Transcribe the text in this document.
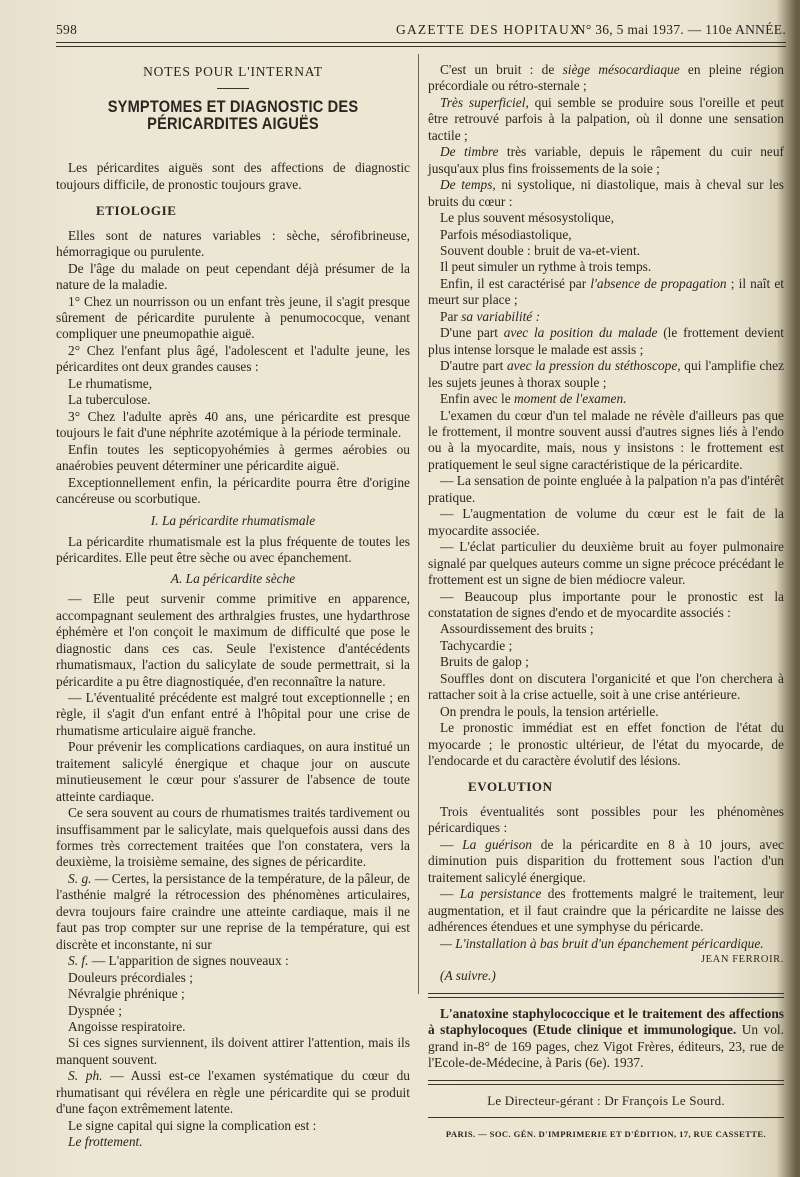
598	GAZETTE DES HOPITAUX
N° 36, 5 mai 1937. — 110e ANNÉE.
NOTES POUR L'INTERNAT
SYMPTOMES ET DIAGNOSTIC DES PÉRICARDITES AIGUËS

Les péricardites aiguës sont des affections de diagnostic toujours difficile, de pronostic toujours grave.

ETIOLOGIE

Elles sont de natures variables : sèche, sérofibrineuse, hémorragique ou purulente.

De l'âge du malade on peut cependant déjà présumer de la nature de la maladie.

1° Chez un nourrisson ou un enfant très jeune, il s'agit presque sûrement de péricardite purulente à penumococque, venant compliquer une pneumopathie aiguë.

2° Chez l'enfant plus âgé, l'adolescent et l'adulte jeune, les péricardites ont deux grandes causes :

Le rhumatisme,

La tuberculose.

3° Chez l'adulte après 40 ans, une péricardite est presque toujours le fait d'une néphrite azotémique à la période terminale.

Enfin toutes les septicopyohémies à germes aérobies ou anaérobies peuvent déterminer une péricardite aiguë.

Exceptionnellement enfin, la péricardite pourra être d'origine cancéreuse ou scorbutique.

I. La péricardite rhumatismale

La péricardite rhumatismale est la plus fréquente de toutes les péricardites. Elle peut être sèche ou avec épanchement.

A. La péricardite sèche

— Elle peut survenir comme primitive en apparence, accompagnant seulement des arthralgies frustes, une hydarthrose éphémère et l'on conçoit le maximum de difficulté que pose le diagnostic dans ces cas. Seule l'existence d'antécédents rhumatismaux, l'action du salicylate de soude permettrait, si la péricardite a pu être diagnostiquée, d'en reconnaître la nature.

— L'éventualité précédente est malgré tout exceptionnelle ; en règle, il s'agit d'un enfant entré à l'hôpital pour une crise de rhumatisme articulaire aiguë franche.

Pour prévenir les complications cardiaques, on aura institué un traitement salicylé énergique et chaque jour on auscute minutieusement le cœur pour s'assurer de l'absence de toute atteinte cardiaque.

Ce sera souvent au cours de rhumatismes traités tardivement ou insuffisamment par le salicylate, mais quelquefois aussi dans des formes très correctement traitées que l'on constatera, vers la deuxième, la troisième semaine, des signes de péricardite.

S. g. — Certes, la persistance de la température, de la pâleur, de l'asthénie malgré la rétrocession des phénomènes articulaires, devra toujours faire craindre une atteinte cardiaque, mais il ne faut pas trop compter sur une reprise de la température, qui est discrète et inconstante, ni sur

S. f. — L'apparition de signes nouveaux :

Douleurs précordiales ;

Névralgie phrénique ;

Dyspnée ;

Angoisse respiratoire.

Si ces signes surviennent, ils doivent attirer l'attention, mais ils manquent souvent.

S. ph. — Aussi est-ce l'examen systématique du cœur du rhumatisant qui révélera en règle une péricardite qui se produit d'une façon extrêmement latente.

Le signe capital qui signe la complication est :

Le frottement.

C'est un bruit : de siège mésocardiaque en pleine région précordiale ou rétro-sternale ;

Très superficiel, qui semble se produire sous l'oreille et peut être retrouvé parfois à la palpation, où il donne une sensation tactile ;

De timbre très variable, depuis le râpement du cuir neuf jusqu'aux plus fins froissements de la soie ;

De temps, ni systolique, ni diastolique, mais à cheval sur les bruits du cœur :

Le plus souvent mésosystolique,

Parfois mésodiastolique,

Souvent double : bruit de va-et-vient.

Il peut simuler un rythme à trois temps.

Enfin, il est caractérisé par l'absence de propagation ; il naît et meurt sur place ;

Par sa variabilité :

D'une part avec la position du malade (le frottement devient plus intense lorsque le malade est assis ;

D'autre part avec la pression du stéthoscope, qui l'amplifie chez les sujets jeunes à thorax souple ;

Enfin avec le moment de l'examen.

L'examen du cœur d'un tel malade ne révèle d'ailleurs pas que le frottement, il montre souvent aussi d'autres signes liés à l'endo ou à la myocardite, mais, nous y insistons : le frottement est pratiquement le seul signe caractéristique de la péricardite.

— La sensation de pointe engluée à la palpation n'a pas d'intérêt pratique.

— L'augmentation de volume du cœur est le fait de la myocardite associée.

— L'éclat particulier du deuxième bruit au foyer pulmonaire signalé par quelques auteurs comme un signe précoce précédant le frottement est un signe de bien médiocre valeur.

— Beaucoup plus importante pour le pronostic est la constatation de signes d'endo et de myocardite associés :

Assourdissement des bruits ;

Tachycardie ;

Bruits de galop ;

Souffles dont on discutera l'organicité et que l'on cherchera à rattacher soit à la crise actuelle, soit à une crise antérieure.

On prendra le pouls, la tension artérielle.

Le pronostic immédiat est en effet fonction de l'état du myocarde ; le pronostic ultérieur, de l'état du myocarde, de l'endocarde et du caractère évolutif des lésions.

EVOLUTION

Trois éventualités sont possibles pour les phénomènes péricardiques :

— La guérison de la péricardite en 8 à 10 jours, avec diminution puis disparition du frottement sous l'action d'un traitement salicylé énergique.

— La persistance des frottements malgré le traitement, leur augmentation, et il faut craindre que la péricardite ne laisse des adhérences étendues et une symphyse du péricarde.

— L'installation à bas bruit d'un épanchement péricardique.

JEAN FERROIR.

(A suivre.)

L'anatoxine staphylococcique et le traitement des affections à staphylocoques (Etude clinique et immunologique. Un vol. grand in-8° de 169 pages, chez Vigot Frères, éditeurs, 23, rue de l'Ecole-de-Médecine, à Paris (6e). 1937.

Le Directeur-gérant : Dr François Le Sourd.
PARIS. — SOC. GÉN. D'IMPRIMERIE ET D'ÉDITION, 17, RUE CASSETTE.
